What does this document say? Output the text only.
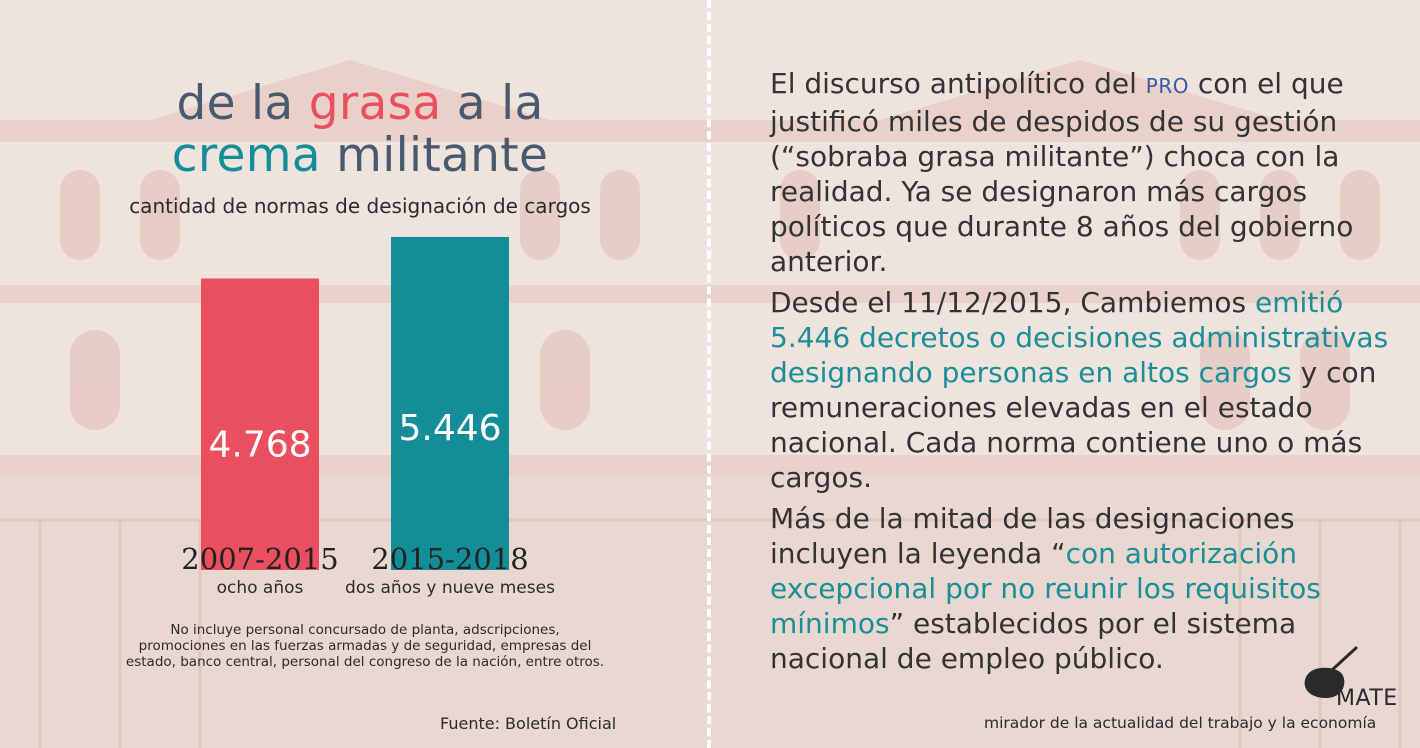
de la grasa a la
crema militante
cantidad de normas de designación de cargos
4.768
2007-2015
ocho años
5.446
2015-2018
dos años y nueve meses
No incluye personal concursado de planta, adscripciones,
promociones en las fuerzas armadas y de seguridad, empresas del
estado, banco central, personal del congreso de la nación, entre otros.
Fuente: Boletín Oficial

El discurso antipolítico del PRO con el que justificó miles de despidos de su gestión (“sobraba grasa militante”) choca con la realidad. Ya se designaron más cargos políticos que durante 8 años del gobierno anterior.

Desde el 11/12/2015, Cambiemos emitió 5.446 decretos o decisiones administrativas designando personas en altos cargos y con remuneraciones elevadas en el estado nacional. Cada norma contiene uno o más cargos.

Más de la mitad de las designaciones incluyen la leyenda “con autorización excepcional por no reunir los requisitos mínimos” establecidos por el sistema nacional de empleo público.

MATE
mirador de la actualidad del trabajo y la economía
